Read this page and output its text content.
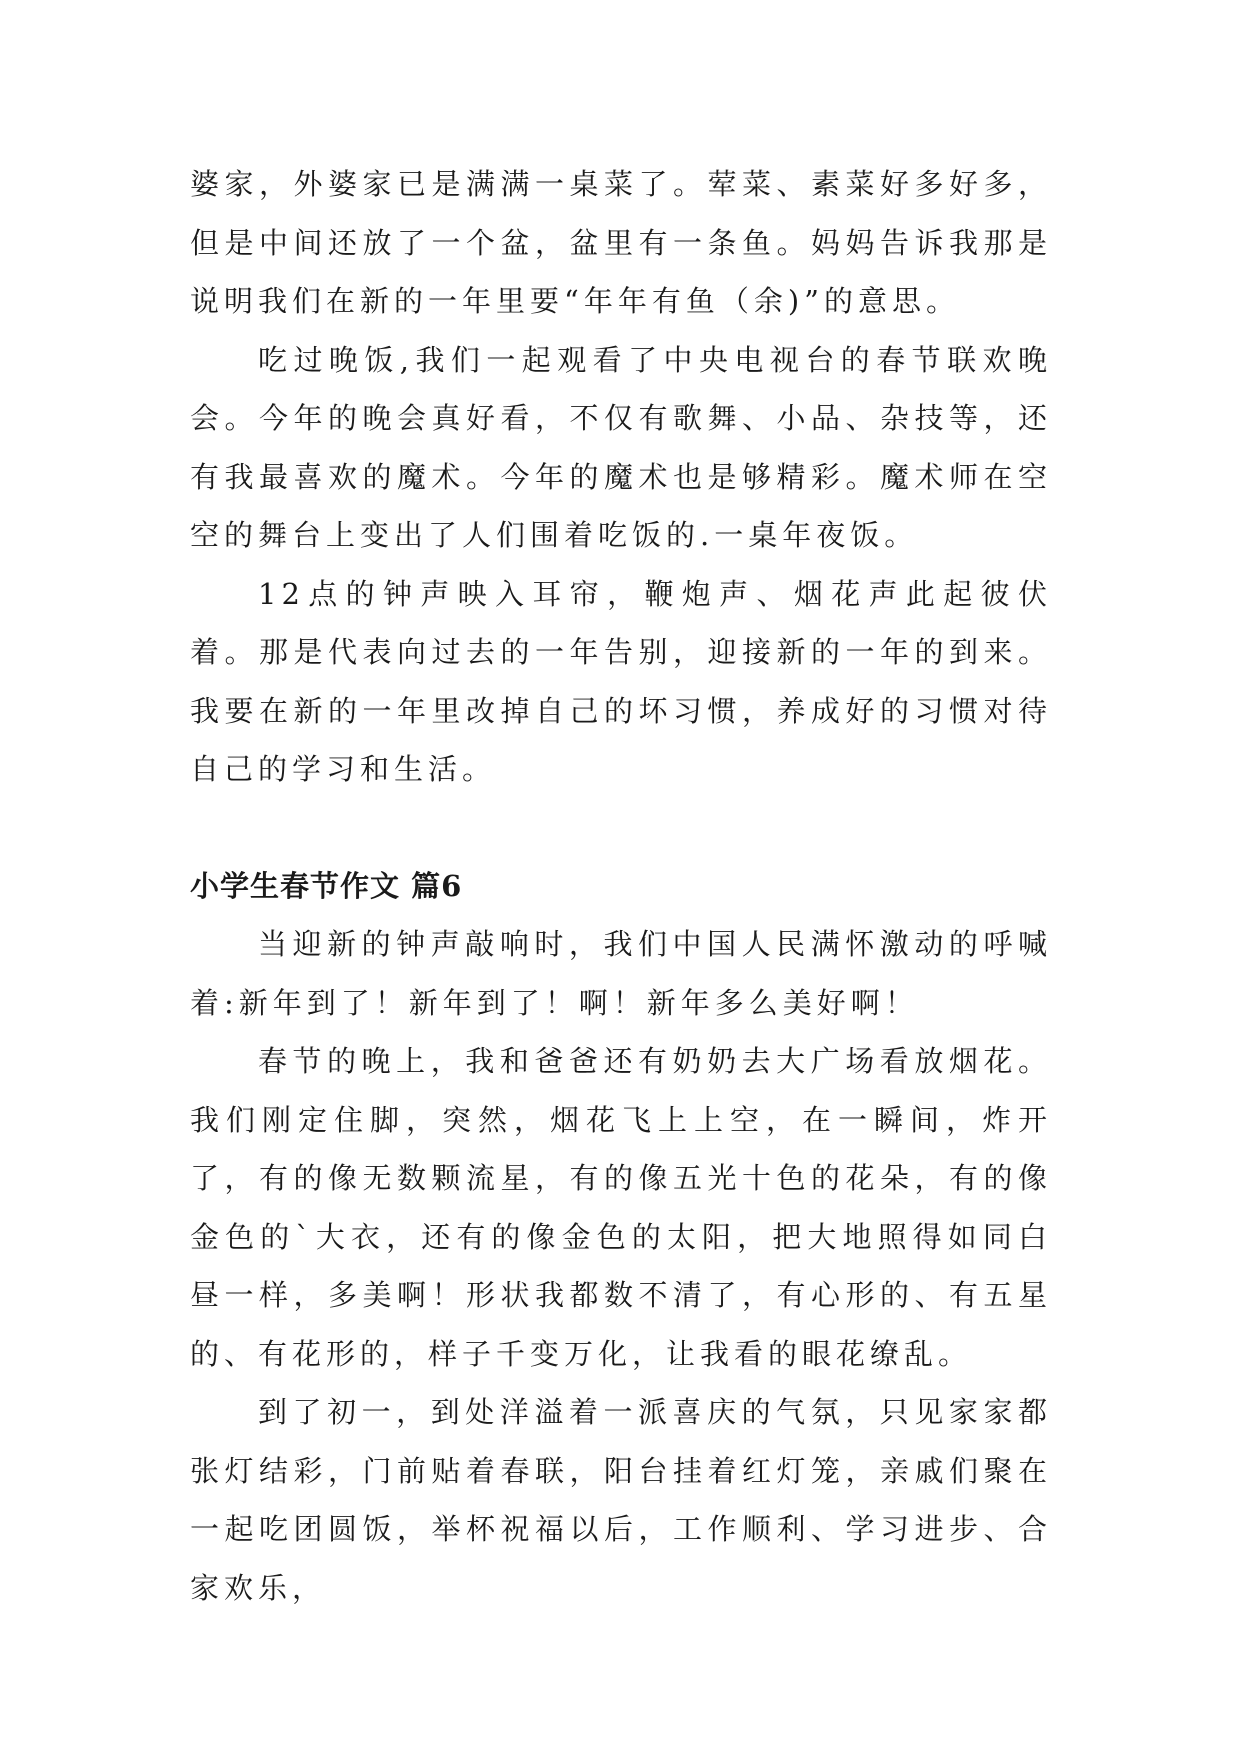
婆家，外婆家已是满满一桌菜了。荤菜、素菜好多好多，但是中间还放了一个盆，盆里有一条鱼。妈妈告诉我那是说明我们在新的一年里要“年年有鱼（余)”的意思。

吃过晚饭,我们一起观看了中央电视台的春节联欢晚会。今年的晚会真好看，不仅有歌舞、小品、杂技等，还有我最喜欢的魔术。今年的魔术也是够精彩。魔术师在空空的舞台上变出了人们围着吃饭的.一桌年夜饭。

12点的钟声映入耳帘，鞭炮声、烟花声此起彼伏着。那是代表向过去的一年告别，迎接新的一年的到来。我要在新的一年里改掉自己的坏习惯，养成好的习惯对待自己的学习和生活。

小学生春节作文 篇6

当迎新的钟声敲响时，我们中国人民满怀激动的呼喊着:新年到了！新年到了！啊！新年多么美好啊！

春节的晚上，我和爸爸还有奶奶去大广场看放烟花。我们刚定住脚，突然，烟花飞上上空，在一瞬间，炸开了，有的像无数颗流星，有的像五光十色的花朵，有的像金色的`大衣，还有的像金色的太阳，把大地照得如同白昼一样，多美啊！形状我都数不清了，有心形的、有五星的、有花形的，样子千变万化，让我看的眼花缭乱。

到了初一，到处洋溢着一派喜庆的气氛，只见家家都张灯结彩，门前贴着春联，阳台挂着红灯笼，亲戚们聚在一起吃团圆饭，举杯祝福以后，工作顺利、学习进步、合家欢乐，
